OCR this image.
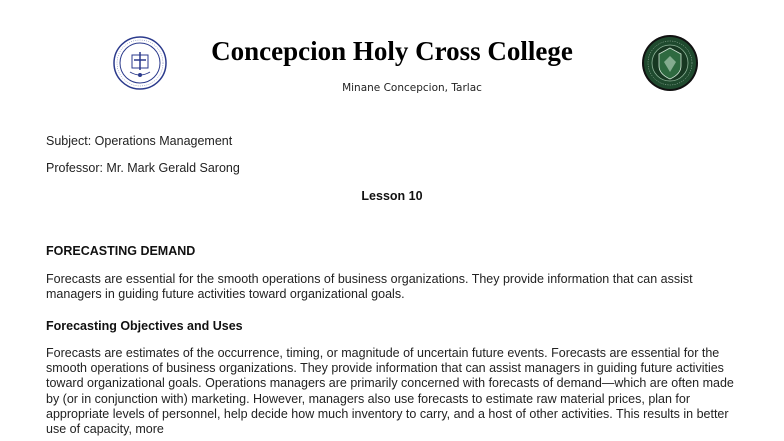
Concepcion Holy Cross College
Minane Concepcion, Tarlac
Subject: Operations Management
Professor: Mr. Mark Gerald Sarong
Lesson 10
FORECASTING DEMAND
Forecasts are essential for the smooth operations of business organizations. They provide information that can assist managers in guiding future activities toward organizational goals.
Forecasting Objectives and Uses
Forecasts are estimates of the occurrence, timing, or magnitude of uncertain future events. Forecasts are essential for the smooth operations of business organizations. They provide information that can assist managers in guiding future activities toward organizational goals. Operations managers are primarily concerned with forecasts of demand—which are often made by (or in conjunction with) marketing. However, managers also use forecasts to estimate raw material prices, plan for appropriate levels of personnel, help decide how much inventory to carry, and a host of other activities. This results in better use of capacity, more
